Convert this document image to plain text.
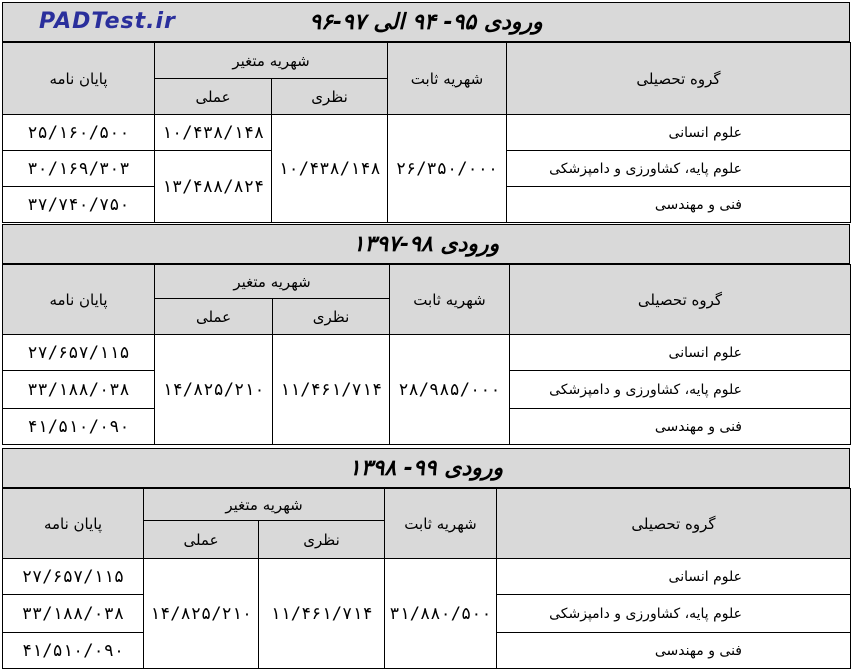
PADTest.ir	ورودی ۹۵- ۹۴ الی ۹۷-۹۶
گروه تحصیلی	شهریه ثابت	شهریه متغیر		پایان نامه
		نظری	عملی	
علوم انسانی	۲۶/۳۵۰/۰۰۰	۱۰/۴۳۸/۱۴۸	۱۰/۴۳۸/۱۴۸	۲۵/۱۶۰/۵۰۰
علوم پایه، کشاورزی و دامپزشکی			۱۳/۴۸۸/۸۲۴	۳۰/۱۶۹/۳۰۳
فنی و مهندسی				۳۷/۷۴۰/۷۵۰
ورودی ۹۸-۱۳۹۷
گروه تحصیلی	شهریه ثابت	شهریه متغیر		پایان نامه
		نظری	عملی	
علوم انسانی	۲۸/۹۸۵/۰۰۰	۱۱/۴۶۱/۷۱۴	۱۴/۸۲۵/۲۱۰	۲۷/۶۵۷/۱۱۵
علوم پایه، کشاورزی و دامپزشکی				۳۳/۱۸۸/۰۳۸
فنی و مهندسی				۴۱/۵۱۰/۰۹۰
ورودی ۹۹- ۱۳۹۸
گروه تحصیلی	شهریه ثابت	شهریه متغیر		پایان نامه
		نظری	عملی	
علوم انسانی	۳۱/۸۸۰/۵۰۰	۱۱/۴۶۱/۷۱۴	۱۴/۸۲۵/۲۱۰	۲۷/۶۵۷/۱۱۵
علوم پایه، کشاورزی و دامپزشکی				۳۳/۱۸۸/۰۳۸
فنی و مهندسی				۴۱/۵۱۰/۰۹۰
